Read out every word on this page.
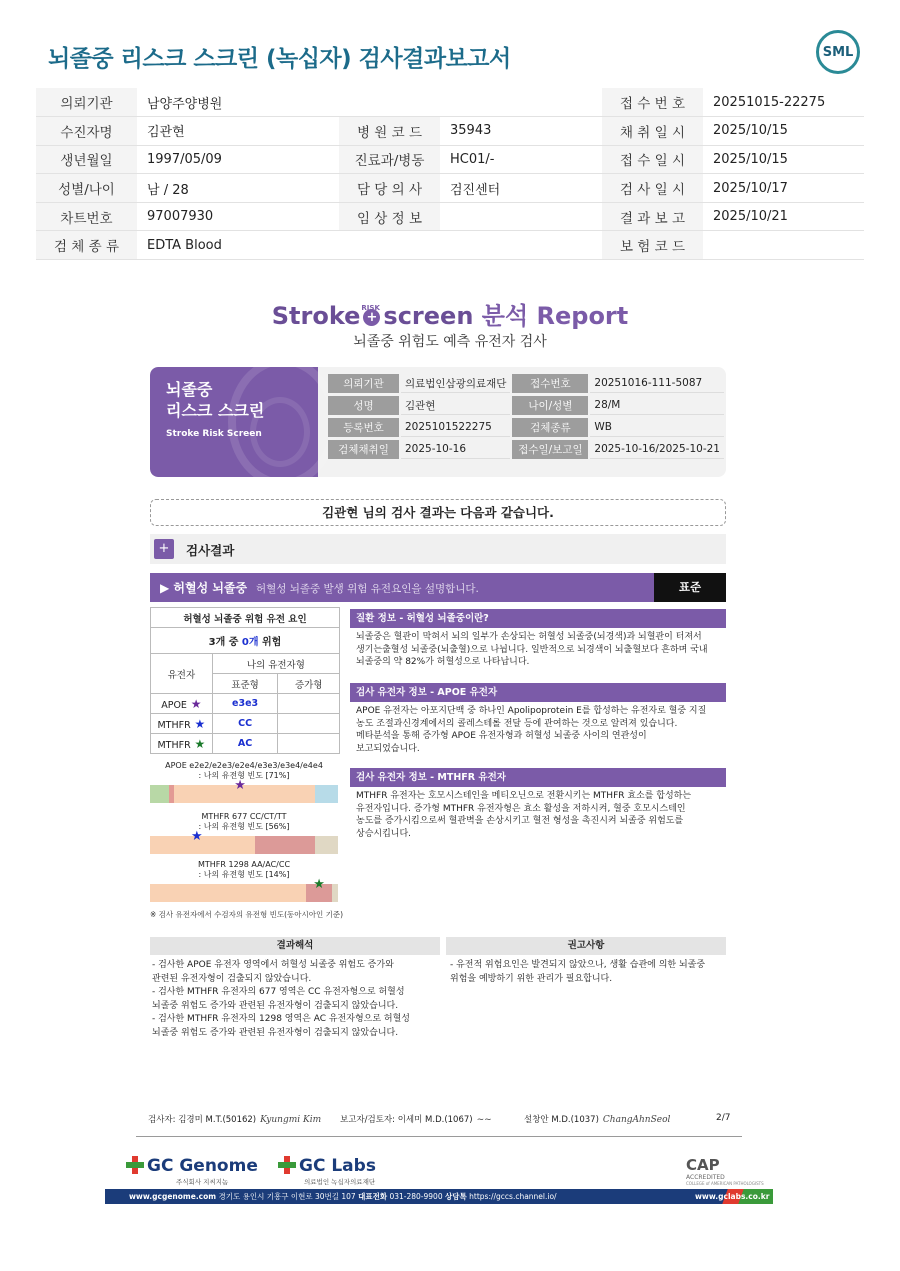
뇌졸중 리스크 스크린 (녹십자) 검사결과보고서	SML
의뢰기관	남양주양병원			접 수 번 호	20251015-22275
수진자명	김관현	병 원 코 드	35943	채 취 일 시	2025/10/15
생년월일	1997/05/09	진료과/병동	HC01/-	접 수 일 시	2025/10/15
성별/나이	남 / 28	담 당 의 사	검진센터	검 사 일 시	2025/10/17
차트번호	97007930	임 상 정 보		결 과 보 고	2025/10/21
검 체 종 류	EDTA Blood			보 험 코 드	
Stroke +
RISK screen 분석 Report
뇌졸중 위험도 예측 유전자 검사
뇌졸중
리스크 스크린
Stroke Risk Screen
의뢰기관	의료법인삼광의료재단	접수번호	20251016-111-5087
성명	김관현	나이/성별	28/M
등록번호	2025101522275	검체종류	WB
검체채취일	2025-10-16	접수일/보고일	2025-10-16/2025-10-21
김관현 님의 검사 결과는 다음과 같습니다.
+	검사결과
▶ 허혈성 뇌졸중 허혈성 뇌졸중 발생 위험 유전요인을 설명합니다.	표준
허혈성 뇌졸중 위험 유전 요인		
3개 중 0개 위험		
유전자	나의 유전자형	
	표준형	증가형
APOE ★	e3e3	
MTHFR ★	CC	
MTHFR ★	AC	
APOE e2e2/e2e3/e2e4/e3e3/e3e4/e4e4
: 나의 유전형 빈도 [71%]
★
MTHFR 677 CC/CT/TT
: 나의 유전형 빈도 [56%]
★
MTHFR 1298 AA/AC/CC
: 나의 유전형 빈도 [14%]
★
※ 검사 유전자에서 수검자의 유전형 빈도(동아시아인 기준)
질환 정보 - 허혈성 뇌졸중이란?
뇌졸중은 혈관이 막혀서 뇌의 일부가 손상되는 허혈성 뇌졸중(뇌경색)과 뇌혈관이 터져서
생기는출혈성 뇌졸중(뇌출혈)으로 나뉩니다. 일반적으로 뇌경색이 뇌출혈보다 흔하며 국내
뇌졸중의 약 82%가 허혈성으로 나타납니다.
검사 유전자 정보 - APOE 유전자
APOE 유전자는 아포지단백 중 하나인 Apolipoprotein E를 합성하는 유전자로 혈중 지질
농도 조절과신경계에서의 콜레스테롤 전달 등에 관여하는 것으로 알려져 있습니다.
메타분석을 통해 증가형 APOE 유전자형과 허혈성 뇌졸중 사이의 연관성이
보고되었습니다.
검사 유전자 정보 - MTHFR 유전자
MTHFR 유전자는 호모시스테인을 메티오닌으로 전환시키는 MTHFR 효소를 합성하는
유전자입니다. 증가형 MTHFR 유전자형은 효소 활성을 저하시켜, 혈중 호모시스테인
농도를 증가시킴으로써 혈관벽을 손상시키고 혈전 형성을 촉진시켜 뇌졸중 위험도를
상승시킵니다.
결과해석
- 검사한 APOE 유전자 영역에서 허혈성 뇌졸중 위험도 증가와
관련된 유전자형이 검출되지 않았습니다.
- 검사한 MTHFR 유전자의 677 영역은 CC 유전자형으로 허혈성
뇌졸중 위험도 증가와 관련된 유전자형이 검출되지 않았습니다.
- 검사한 MTHFR 유전자의 1298 영역은 AC 유전자형으로 허혈성
뇌졸중 위험도 증가와 관련된 유전자형이 검출되지 않았습니다.
권고사항
- 유전적 위험요인은 발견되지 않았으나, 생활 습관에 의한 뇌졸중
위험을 예방하기 위한 관리가 필요합니다.
검사자: 김경미 M.T.(50162) Kyungmi Kim 보고자/검토자: 이세미 M.D.(1067) ~~	설창안 M.D.(1037) ChangAhnSeol	2/7
GC Genome
주식회사 지씨지놈
GC Labs
의료법인 녹십자의료재단
CAP
ACCREDITED
COLLEGE of AMERICAN PATHOLOGISTS
www.gcgenome.com 경기도 용인시 기흥구 이현로 30번길 107 대표전화 031-280-9900 상담톡 https://gccs.channel.io/	www.gclabs.co.kr
